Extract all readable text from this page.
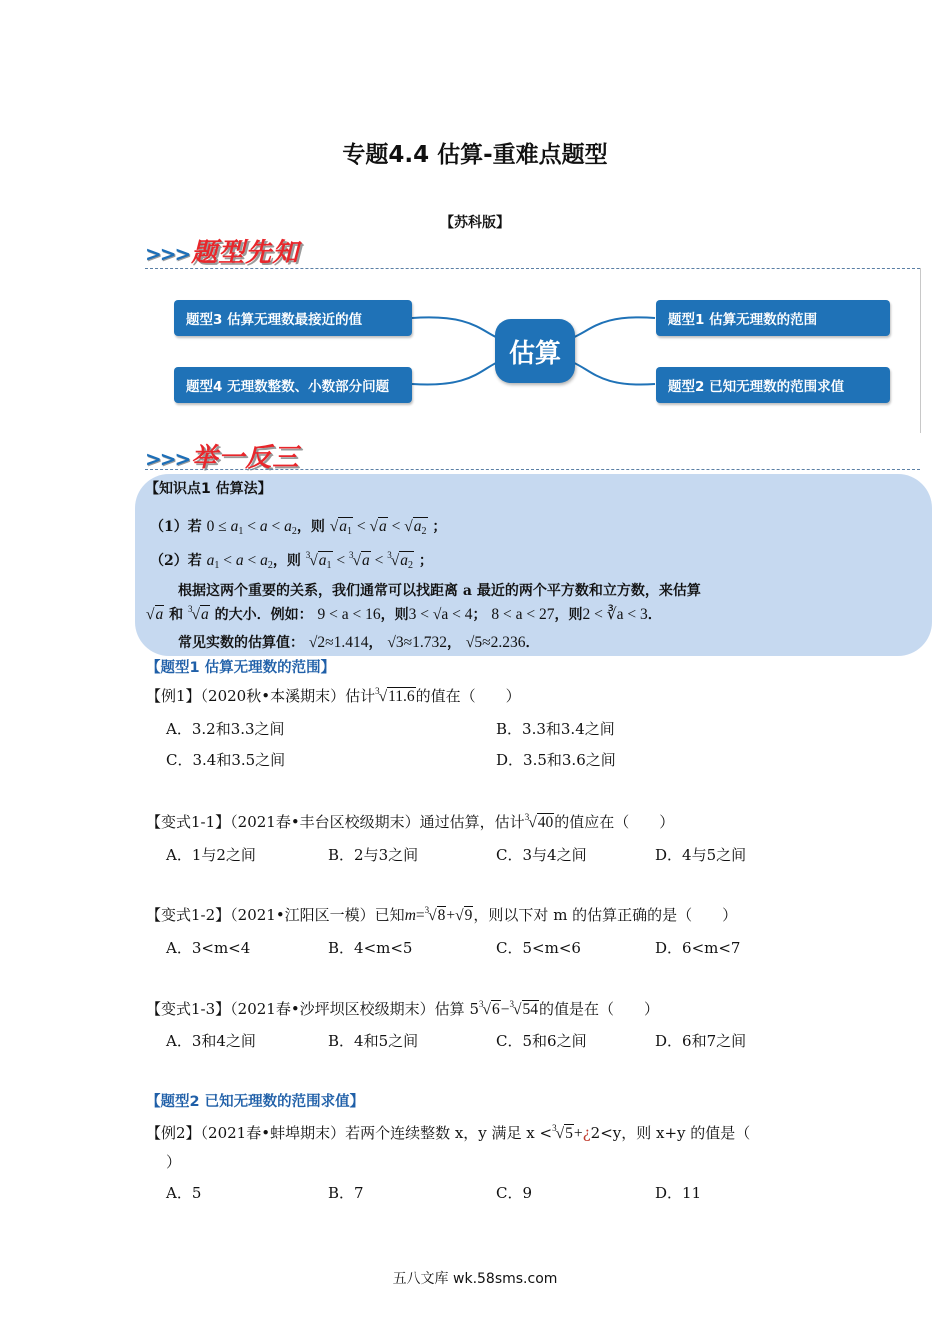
专题4.4 估算-重难点题型
【苏科版】
>>>题型先知
题型3 估算无理数最接近的值
题型4 无理数整数、小数部分问题
估算
题型1 估算无理数的范围
题型2 已知无理数的范围求值
>>>举一反三
【知识点1 估算法】
（1）若 $0 \le a_1 < a < a_2$，则 $√a_1 < √a < √a_2$ ；
（2）若 $a_1 < a < a_2$，则 $^3√a_1 < ^3√a < ^3√a_2$ ；
根据这两个重要的关系，我们通常可以找距离 a 最近的两个平方数和立方数，来估算
√a 和 $^3$√a 的大小．例如： 9 < a < 16，则3 < √a < 4； 8 < a < 27，则2 < ∛a < 3．
常见实数的估算值： √2≈1.414， √3≈1.732， √5≈2.236．
【题型1 估算无理数的范围】
【例1】（2020秋•本溪期末）估计$^3$√11.6的值在（　　）
A．3.2和3.3之间	B．3.3和3.4之间
C．3.4和3.5之间	D．3.5和3.6之间
【变式1-1】（2021春•丰台区校级期末）通过估算，估计$^3$√40的值应在（　　）
A．1与2之间	B．2与3之间	C．3与4之间	D．4与5之间
【变式1-2】（2021•江阳区一模）已知m=$^3$√8+√9，则以下对 m 的估算正确的是（　　）
A．3<m<4	B．4<m<5	C．5<m<6	D．6<m<7
【变式1-3】（2021春•沙坪坝区校级期末）估算 $5^3√6-^3√54$的值是在（　　）
A．3和4之间	B．4和5之间	C．5和6之间	D．6和7之间
【题型2 已知无理数的范围求值】
【例2】（2021春•蚌埠期末）若两个连续整数 x，y 满足 x <$^3$√5+¿2<y，则 x+y 的值是（
）
A．5	B．7	C．9	D．11
五八文库 wk.58sms.com
